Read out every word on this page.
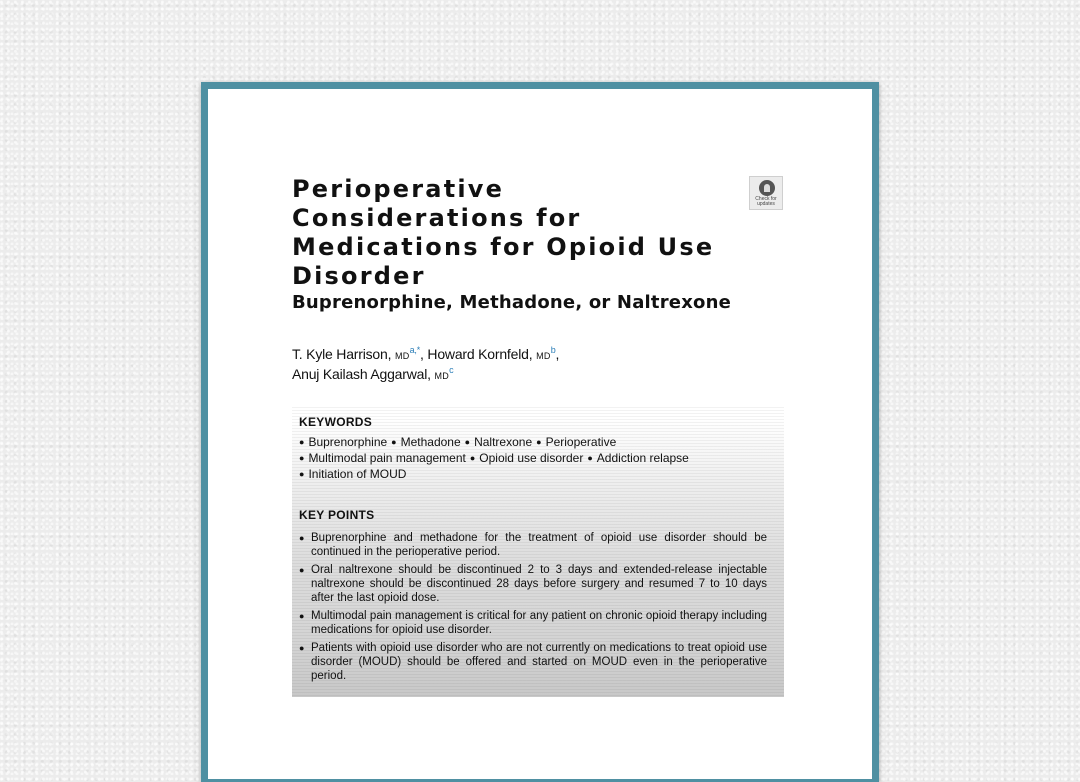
Perioperative Considerations for Medications for Opioid Use Disorder
Check for updates
Buprenorphine, Methadone, or Naltrexone
T. Kyle Harrison, $MD^{a,*}$, Howard Kornfeld, $MD^b$,
Anuj Kailash Aggarwal, $MD^c$
KEYWORDS
● Buprenorphine ● Methadone ● Naltrexone ● Perioperative
● Multimodal pain management ● Opioid use disorder ● Addiction relapse
● Initiation of MOUD
KEY POINTS
● Buprenorphine and methadone for the treatment of opioid use disorder should be continued in the perioperative period.
● Oral naltrexone should be discontinued 2 to 3 days and extended-release injectable naltrexone should be discontinued 28 days before surgery and resumed 7 to 10 days after the last opioid dose.
● Multimodal pain management is critical for any patient on chronic opioid therapy including medications for opioid use disorder.
● Patients with opioid use disorder who are not currently on medications to treat opioid use disorder (MOUD) should be offered and started on MOUD even in the perioperative period.
